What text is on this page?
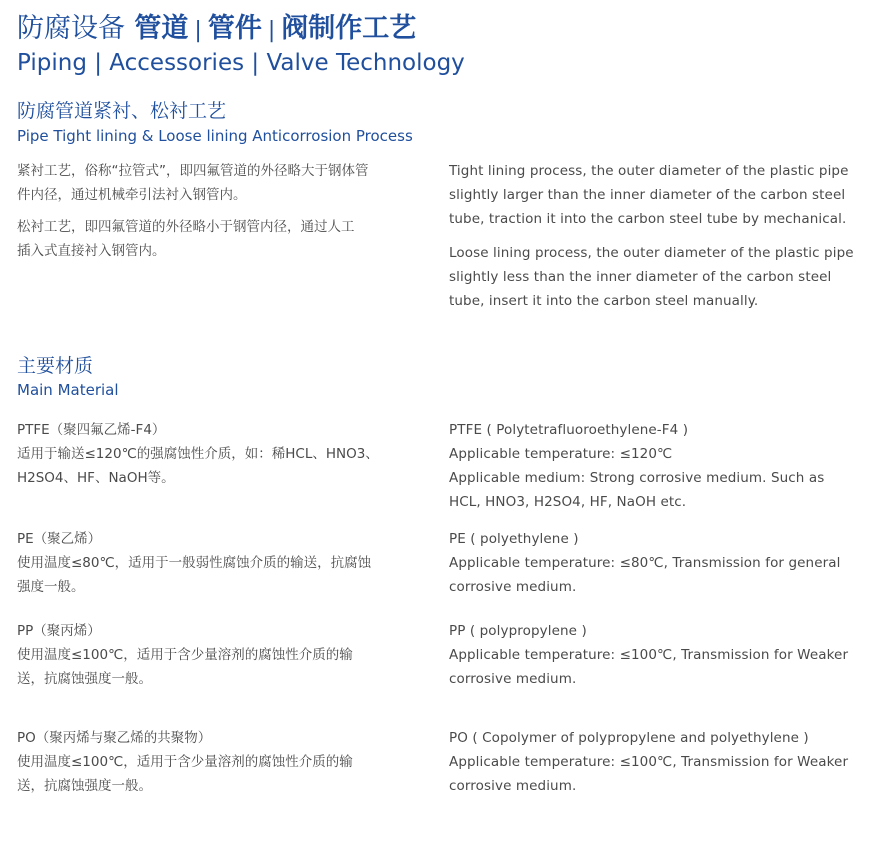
防腐设备 管道 | 管件 | 阀制作工艺
Piping | Accessories | Valve Technology
防腐管道紧衬、松衬工艺
Pipe Tight lining & Loose lining Anticorrosion Process
紧衬工艺，俗称“拉管式”，即四氟管道的外径略大于钢体管
件内径，通过机械牵引法衬入钢管内。
松衬工艺，即四氟管道的外径略小于钢管内径，通过人工
插入式直接衬入钢管内。
Tight lining process, the outer diameter of the plastic pipe
slightly larger than the inner diameter of the carbon steel
tube, traction it into the carbon steel tube by mechanical.
Loose lining process, the outer diameter of the plastic pipe
slightly less than the inner diameter of the carbon steel
tube, insert it into the carbon steel manually.
主要材质
Main Material
PTFE（聚四氟乙烯-F4）
适用于输送≤120℃的强腐蚀性介质，如：稀HCL、HNO3、
H2SO4、HF、NaOH等。
PTFE ( Polytetrafluoroethylene-F4 )
Applicable temperature: ≤120℃
Applicable medium: Strong corrosive medium. Such as
HCL, HNO3, H2SO4, HF, NaOH etc.
PE（聚乙烯）
使用温度≤80℃，适用于一般弱性腐蚀介质的输送，抗腐蚀
强度一般。
PE ( polyethylene )
Applicable temperature: ≤80℃, Transmission for general
corrosive medium.
PP（聚丙烯）
使用温度≤100℃，适用于含少量溶剂的腐蚀性介质的输
送，抗腐蚀强度一般。
PP ( polypropylene )
Applicable temperature: ≤100℃, Transmission for Weaker
corrosive medium.
PO（聚丙烯与聚乙烯的共聚物）
使用温度≤100℃，适用于含少量溶剂的腐蚀性介质的输
送，抗腐蚀强度一般。
PO ( Copolymer of polypropylene and polyethylene )
Applicable temperature: ≤100℃, Transmission for Weaker
corrosive medium.
